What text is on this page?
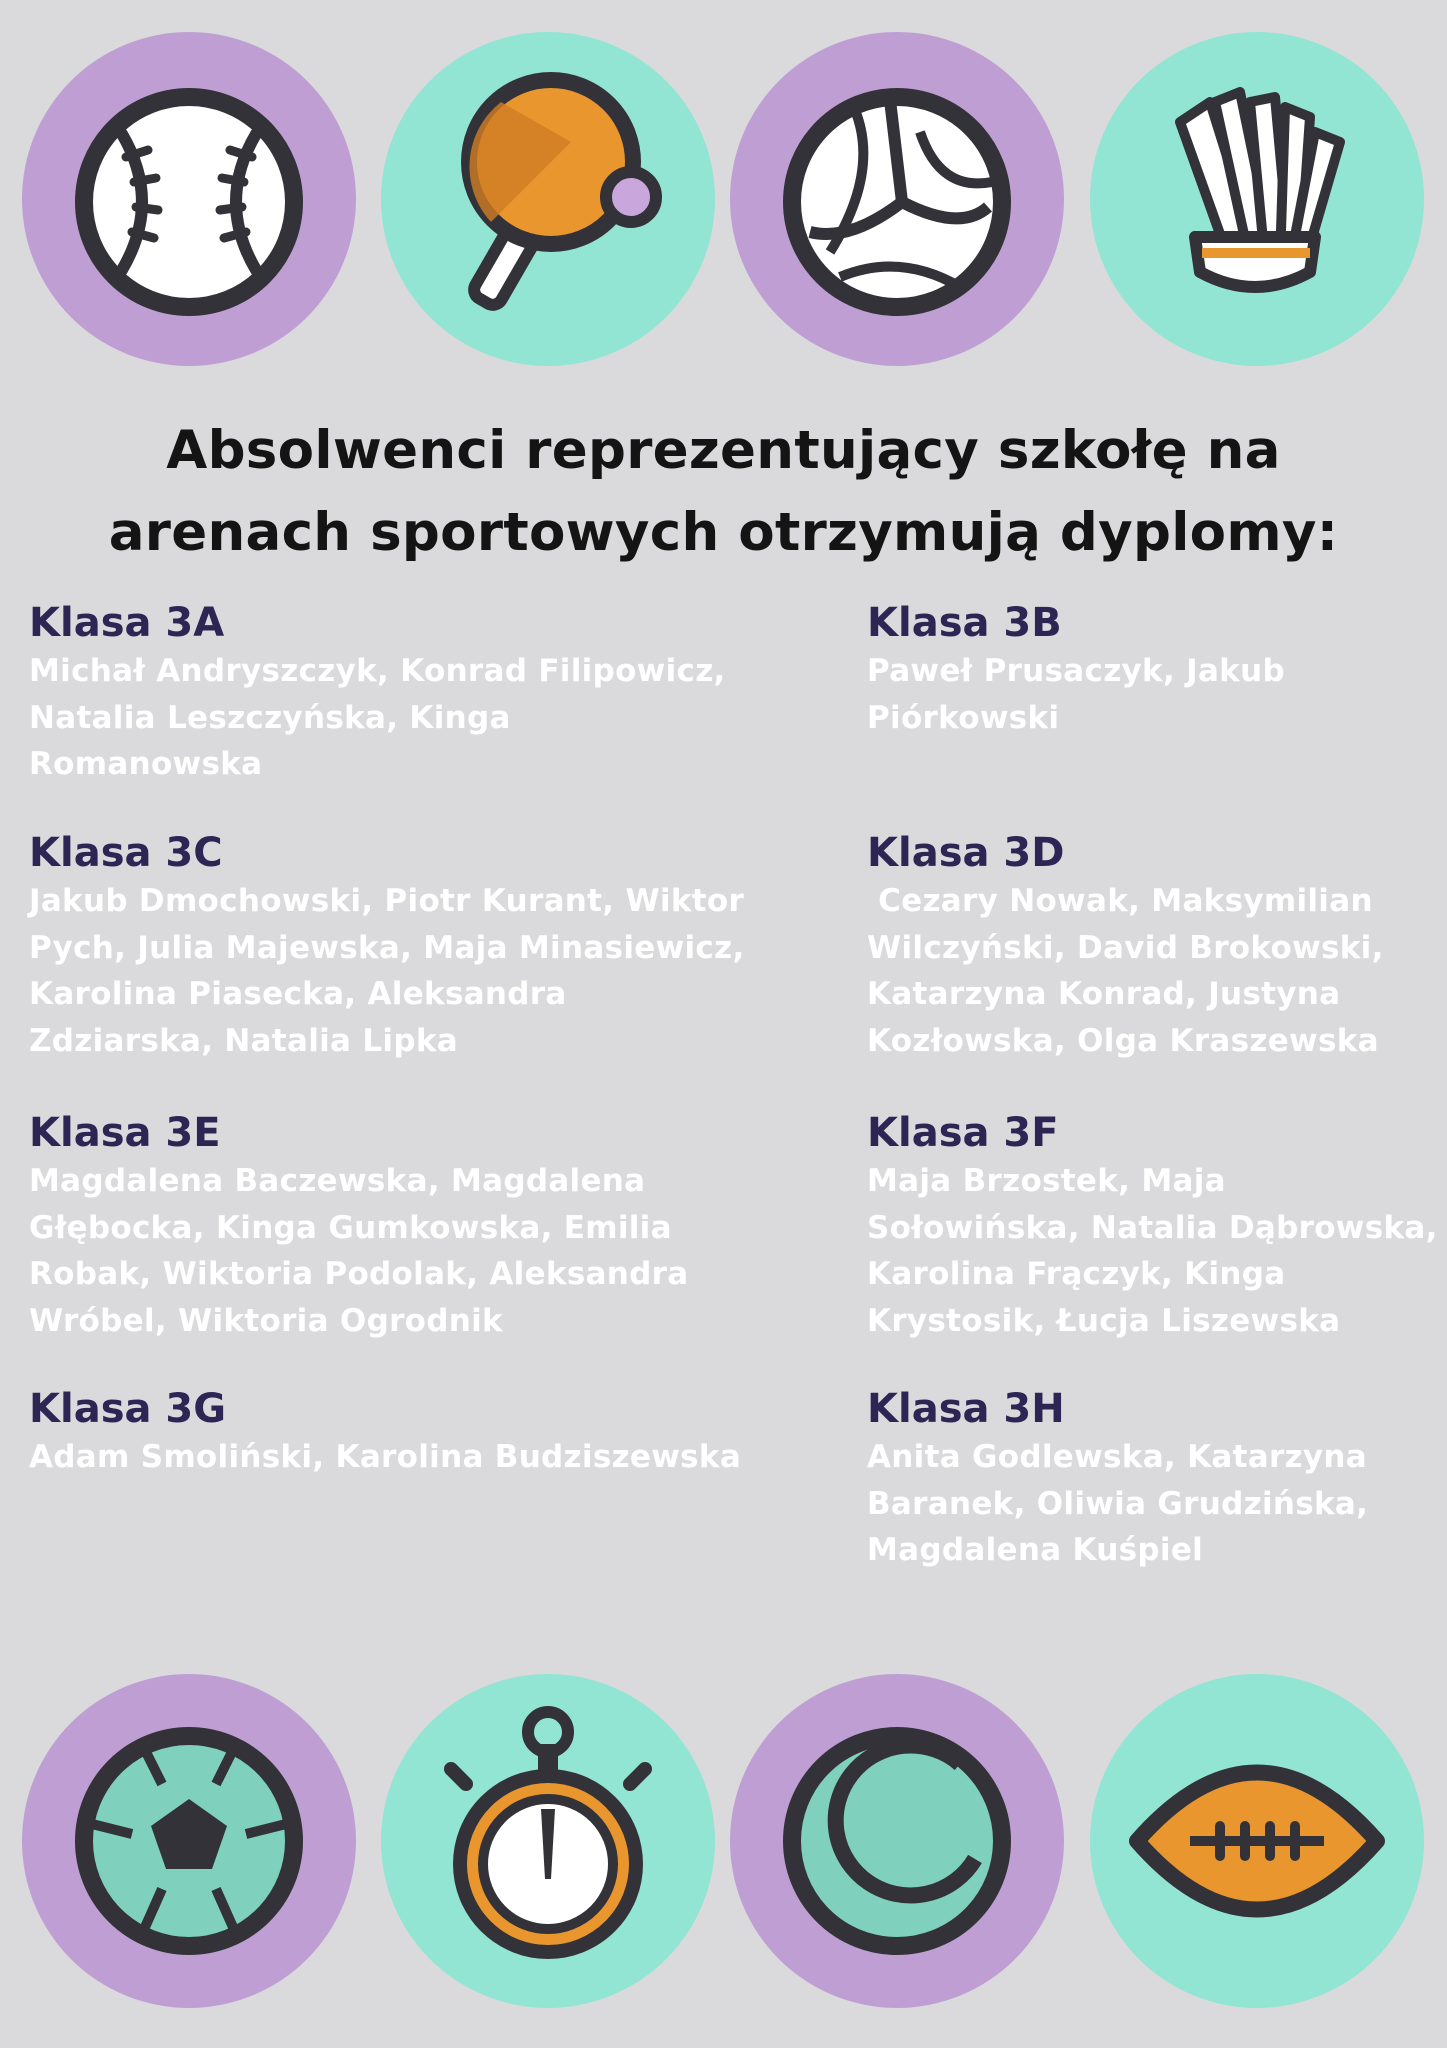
Absolwenci reprezentujący szkołę na arenach sportowych otrzymują dyplomy:

Klasa 3A

Michał Andryszczyk, Konrad Filipowicz, Natalia Leszczyńska, Kinga Romanowska

Klasa 3B

Paweł Prusaczyk, Jakub Piórkowski

Klasa 3C

Jakub Dmochowski, Piotr Kurant, Wiktor Pych, Julia Majewska, Maja Minasiewicz, Karolina Piasecka, Aleksandra Zdziarska, Natalia Lipka

Klasa 3D

Cezary Nowak, Maksymilian Wilczyński, David Brokowski, Katarzyna Konrad, Justyna Kozłowska, Olga Kraszewska

Klasa 3E

Magdalena Baczewska, Magdalena Głębocka, Kinga Gumkowska, Emilia Robak, Wiktoria Podolak, Aleksandra Wróbel, Wiktoria Ogrodnik

Klasa 3F

Maja Brzostek, Maja Sołowińska, Natalia Dąbrowska, Karolina Frączyk, Kinga Krystosik, Łucja Liszewska

Klasa 3G

Adam Smoliński, Karolina Budziszewska

Klasa 3H

Anita Godlewska, Katarzyna Baranek, Oliwia Grudzińska, Magdalena Kuśpiel
